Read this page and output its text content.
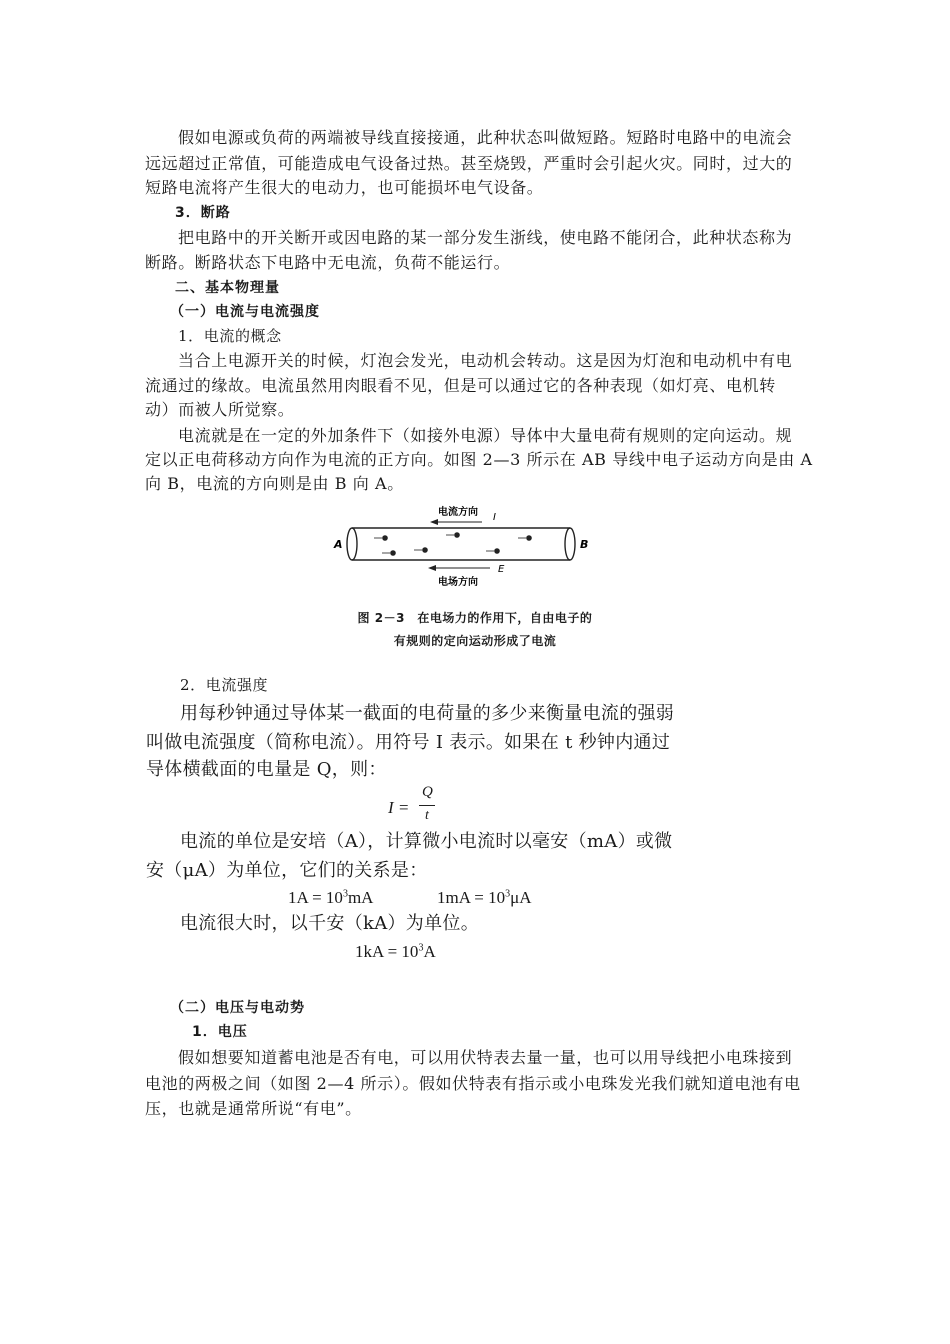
假如电源或负荷的两端被导线直接接通，此种状态叫做短路。短路时电路中的电流会
远远超过正常值，可能造成电气设备过热。甚至烧毁，严重时会引起火灾。同时，过大的
短路电流将产生很大的电动力，也可能损坏电气设备。
3．断路
把电路中的开关断开或因电路的某一部分发生浙线，使电路不能闭合，此种状态称为
断路。断路状态下电路中无电流，负荷不能运行。
二、基本物理量
（一）电流与电流强度
1．电流的概念
当合上电源开关的时候，灯泡会发光，电动机会转动。这是因为灯泡和电动机中有电
流通过的缘故。电流虽然用肉眼看不见，但是可以通过它的各种表现（如灯亮、电机转
动）而被人所觉察。
电流就是在一定的外加条件下（如接外电源）导体中大量电荷有规则的定向运动。规
定以正电荷移动方向作为电流的正方向。如图 2—3 所示在 AB 导线中电子运动方向是由 A
向 B，电流的方向则是由 B 向 A。
电流方向 I
A	B
E
电场方向
图 2－3　在电场力的作用下，自由电子的
有规则的定向运动形成了电流
2．电流强度
用每秒钟通过导体某一截面的电荷量的多少来衡量电流的强弱
叫做电流强度（简称电流）。用符号 I 表示。如果在 t 秒钟内通过
导体横截面的电量是 Q，则：
I =
Q
t
电流的单位是安培（A），计算微小电流时以毫安（mA）或微
安（μA）为单位，它们的关系是：
$1A = 10^3mA$	$1mA = 10^3\mu A$
电流很大时，以千安（kA）为单位。
$1kA = 10^3A$
（二）电压与电动势
1．电压
假如想要知道蓄电池是否有电，可以用伏特表去量一量，也可以用导线把小电珠接到
电池的两极之间（如图 2—4 所示）。假如伏特表有指示或小电珠发光我们就知道电池有电
压，也就是通常所说“有电”。
